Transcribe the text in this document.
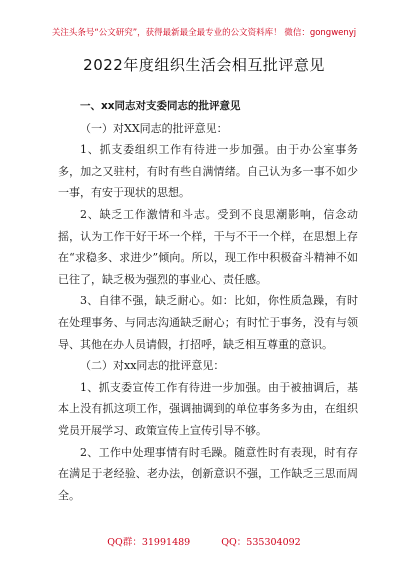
关注头条号“公文研究”，获得最新最全最专业的公文资料库！ 微信：gongwenyj
2022年度组织生活会相互批评意见

一、xx同志对支委同志的批评意见

（一）对XX同志的批评意见：

1、抓支委组织工作有待进一步加强。由于办公室事务多，加之又驻村，有时有些自满情绪。自己认为多一事不如少一事，有安于现状的思想。

2、缺乏工作激情和斗志。受到不良思潮影响，信念动摇，认为工作干好干坏一个样，干与不干一个样，在思想上存在“求稳多、求进少”倾向。所以，现工作中积极奋斗精神不如已往了，缺乏极为强烈的事业心、责任感。

3、自律不强，缺乏耐心。如：比如，你性质急躁，有时在处理事务、与同志沟通缺乏耐心；有时忙于事务，没有与领导、其他在办人员请假，打招呼，缺乏相互尊重的意识。

（二）对xx同志的批评意见：

1、抓支委宣传工作有待进一步加强。由于被抽调后，基本上没有抓这项工作，强调抽调到的单位事务多为由，在组织党员开展学习、政策宣传上宣传引导不够。

2、工作中处理事情有时毛躁。随意性时有表现，时有存在满足于老经验、老办法，创新意识不强，工作缺乏三思而周全。

QQ群：31991489	QQ：535304092
